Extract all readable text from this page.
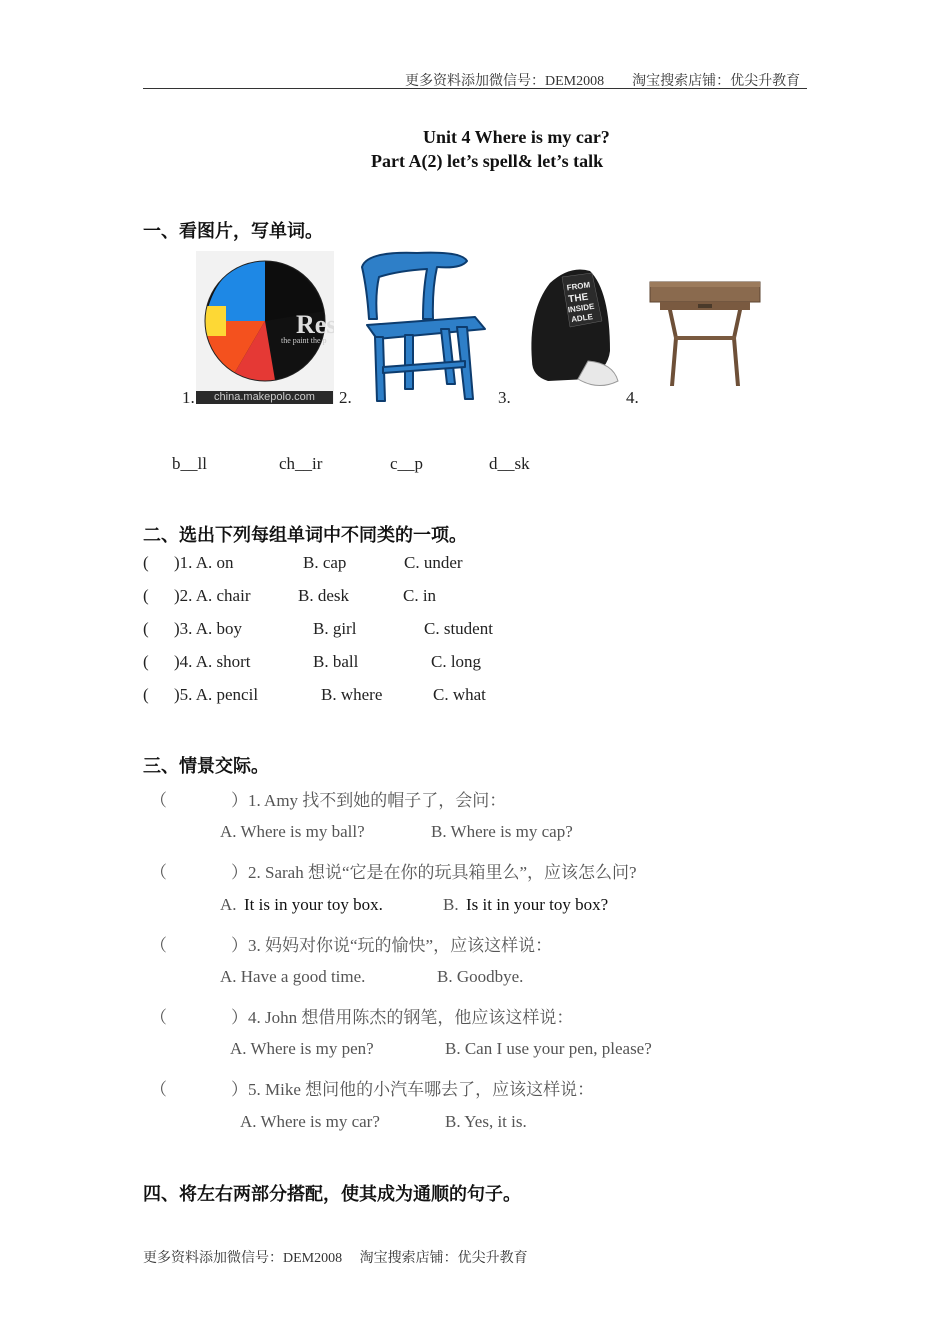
更多资料添加微信号：DEM2008　　淘宝搜索店铺：优尖升教育
Unit 4 Where is my car?
Part A(2) let’s spell& let’s talk
一、看图片，写单词。
Res
the paint the p
china.makepolo.com
1.	2.
FROM
THE
INSIDE
ADLE
3.	4.
b__ll	ch__ir	c__p	d__sk
二、选出下列每组单词中不同类的一项。
( )1. A. on	B. cap	C. under
( )2. A. chair	B. desk	C. in
( )3. A. boy	B. girl	C. student
( )4. A. short	B. ball	C. long
( )5. A. pencil	B. where	C. what
三、情景交际。
（	）1. Amy 找不到她的帽子了，会问：
A. Where is my ball?	B. Where is my cap?
（	）2. Sarah 想说“它是在你的玩具箱里么”，应该怎么问?
A. It is in your toy box.	B. Is it in your toy box?
（	）3. 妈妈对你说“玩的愉快”，应该这样说：
A. Have a good time.	B. Goodbye.
（	）4. John 想借用陈杰的钢笔，他应该这样说：
A. Where is my pen?	B. Can I use your pen, please?
（	）5. Mike 想问他的小汽车哪去了，应该这样说：
A. Where is my car?	B. Yes, it is.
四、将左右两部分搭配，使其成为通顺的句子。
更多资料添加微信号：DEM2008　 淘宝搜索店铺：优尖升教育
